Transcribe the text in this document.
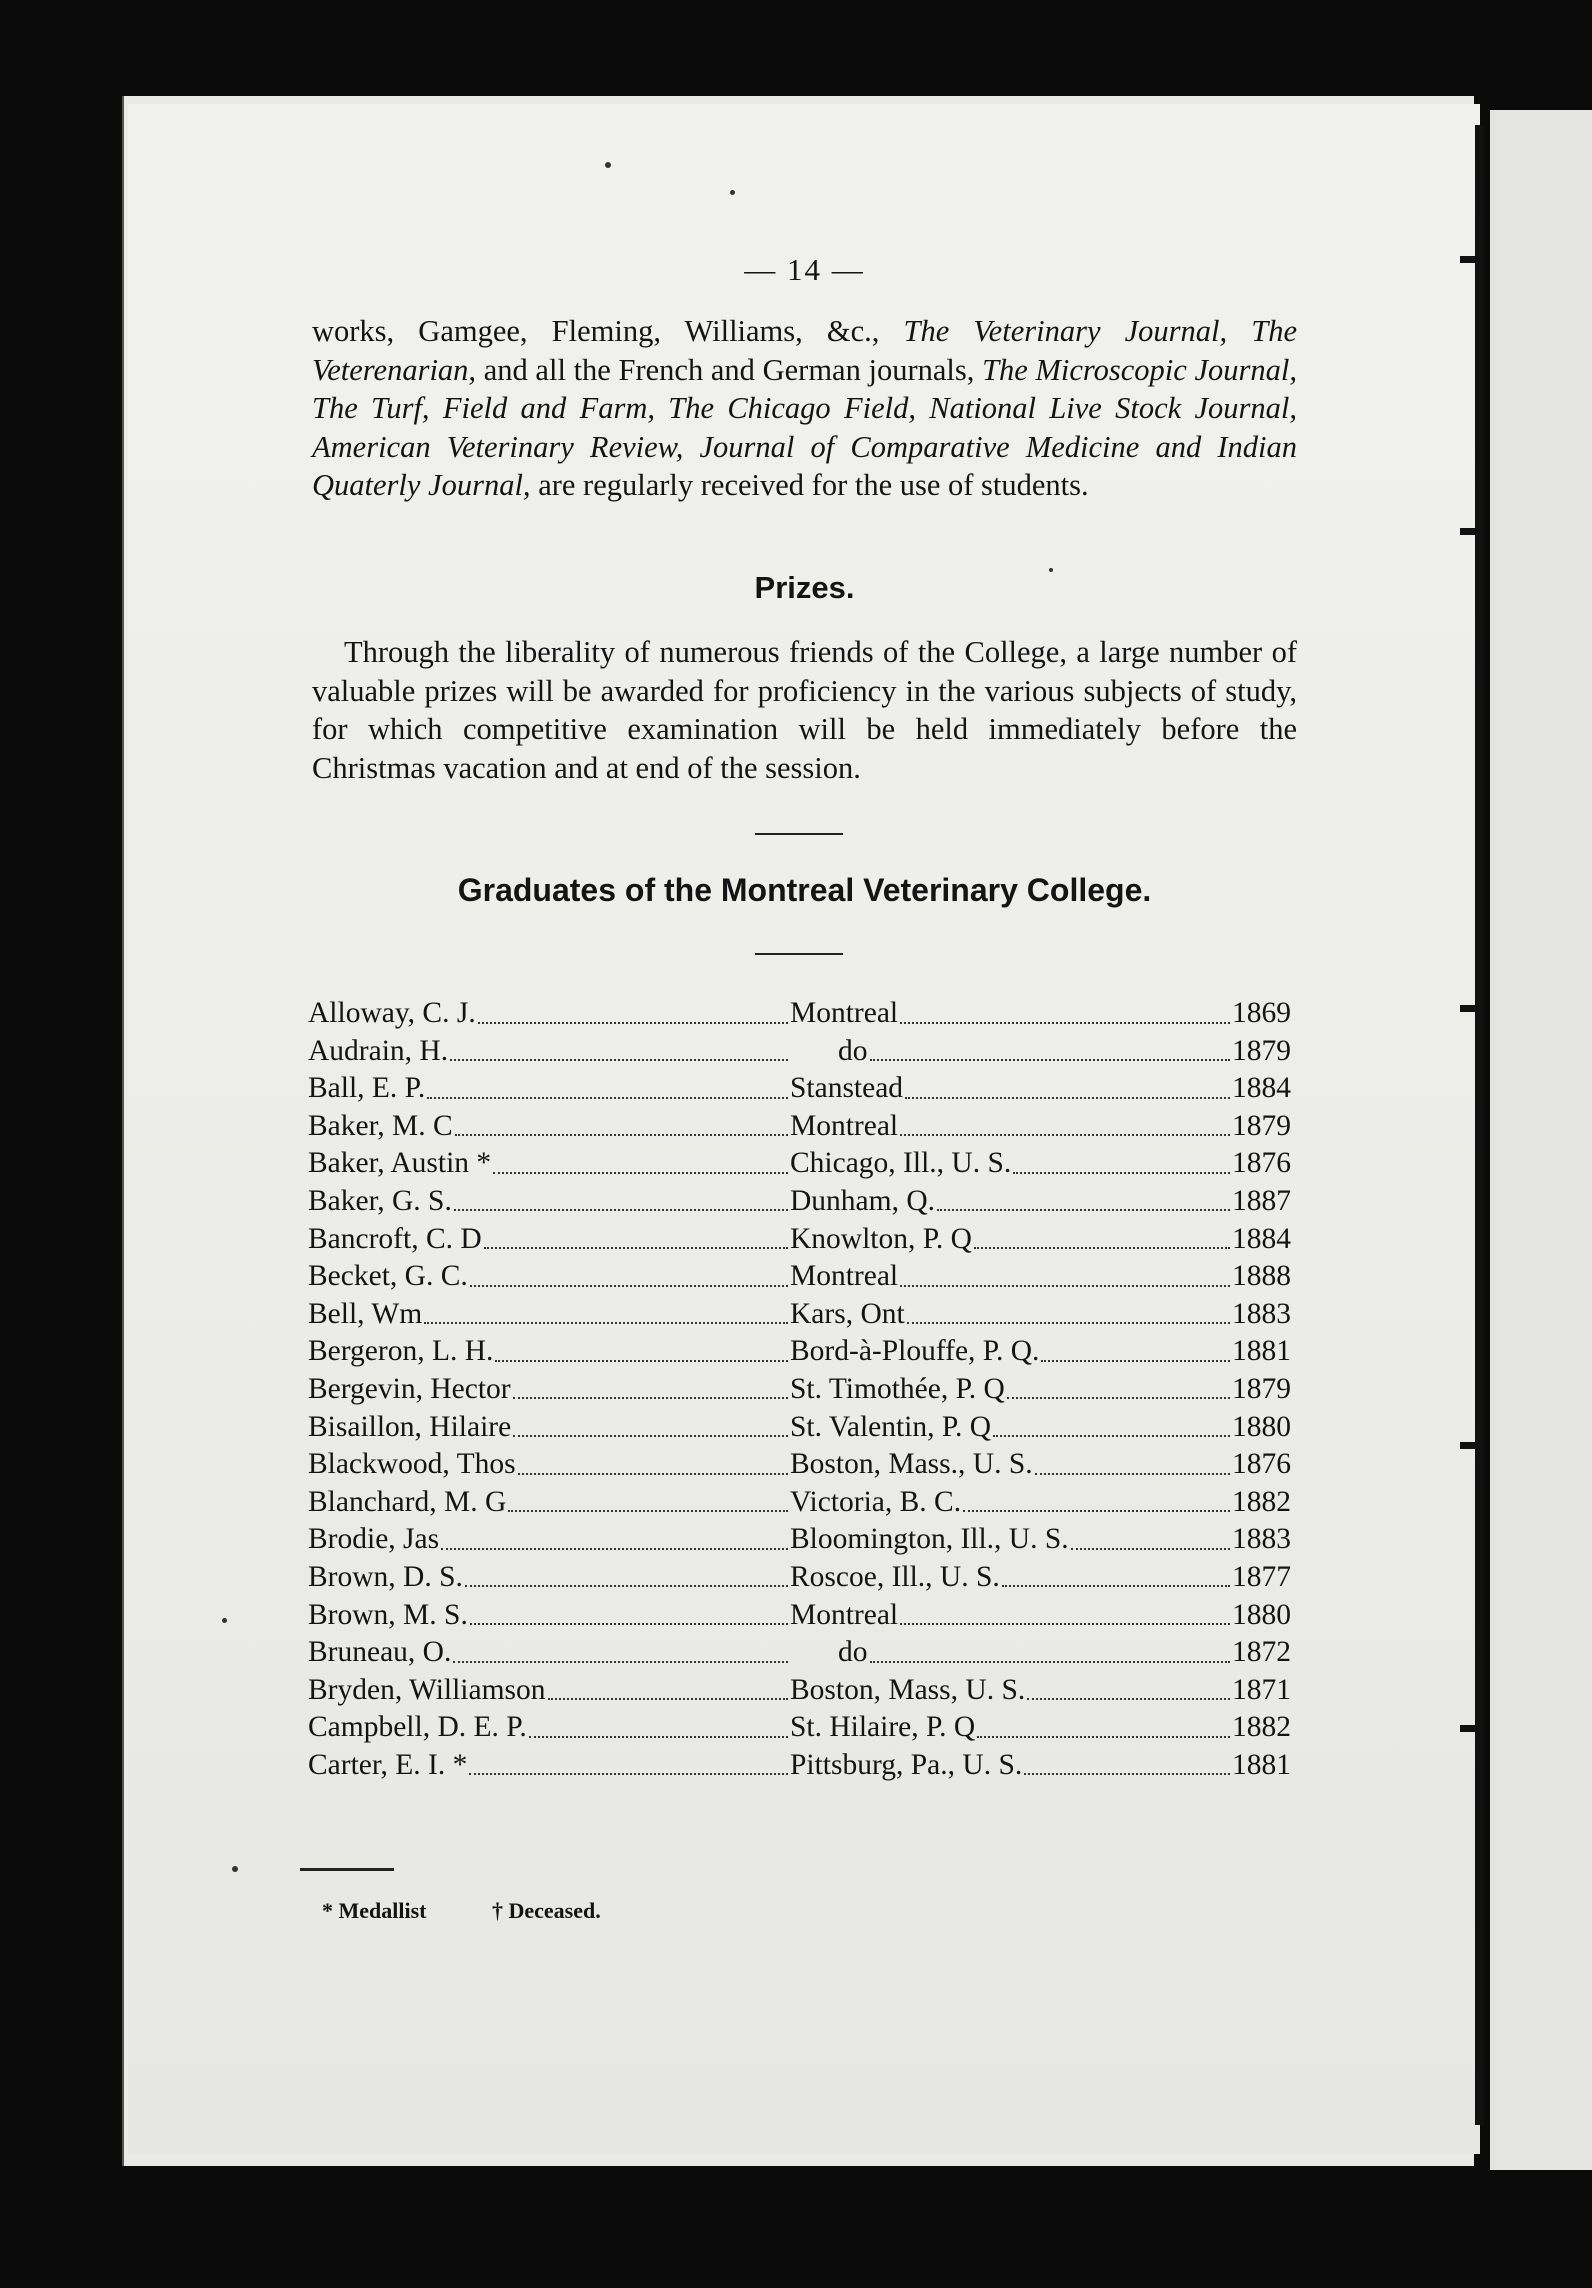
— 14 —
works, Gamgee, Fleming, Williams, &c., The Veterinary Journal, The Veterenarian, and all the French and German journals, The Microscopic Journal, The Turf, Field and Farm, The Chicago Field, National Live Stock Journal, American Veterinary Review, Journal of Comparative Medicine and Indian Quaterly Journal, are regularly received for the use of students.
Prizes.
Through the liberality of numerous friends of the College, a large number of valuable prizes will be awarded for proficiency in the various subjects of study, for which competitive examination will be held immediately before the Christmas vacation and at end of the session.
Graduates of the Montreal Veterinary College.
Alloway, C. J.	Montreal	1869
Audrain, H.	do	1879
Ball, E. P.	Stanstead	1884
Baker, M. C	Montreal	1879
Baker, Austin *	Chicago, Ill., U. S.	1876
Baker, G. S.	Dunham, Q.	1887
Bancroft, C. D	Knowlton, P. Q	1884
Becket, G. C.	Montreal	1888
Bell, Wm	Kars, Ont	1883
Bergeron, L. H.	Bord-à-Plouffe, P. Q.	1881
Bergevin, Hector	St. Timothée, P. Q	1879
Bisaillon, Hilaire	St. Valentin, P. Q	1880
Blackwood, Thos	Boston, Mass., U. S.	1876
Blanchard, M. G	Victoria, B. C.	1882
Brodie, Jas	Bloomington, Ill., U. S.	1883
Brown, D. S.	Roscoe, Ill., U. S.	1877
Brown, M. S.	Montreal	1880
Bruneau, O.	do	1872
Bryden, Williamson	Boston, Mass, U. S.	1871
Campbell, D. E. P.	St. Hilaire, P. Q	1882
Carter, E. I. *	Pittsburg, Pa., U. S.	1881
* Medallist	† Deceased.
